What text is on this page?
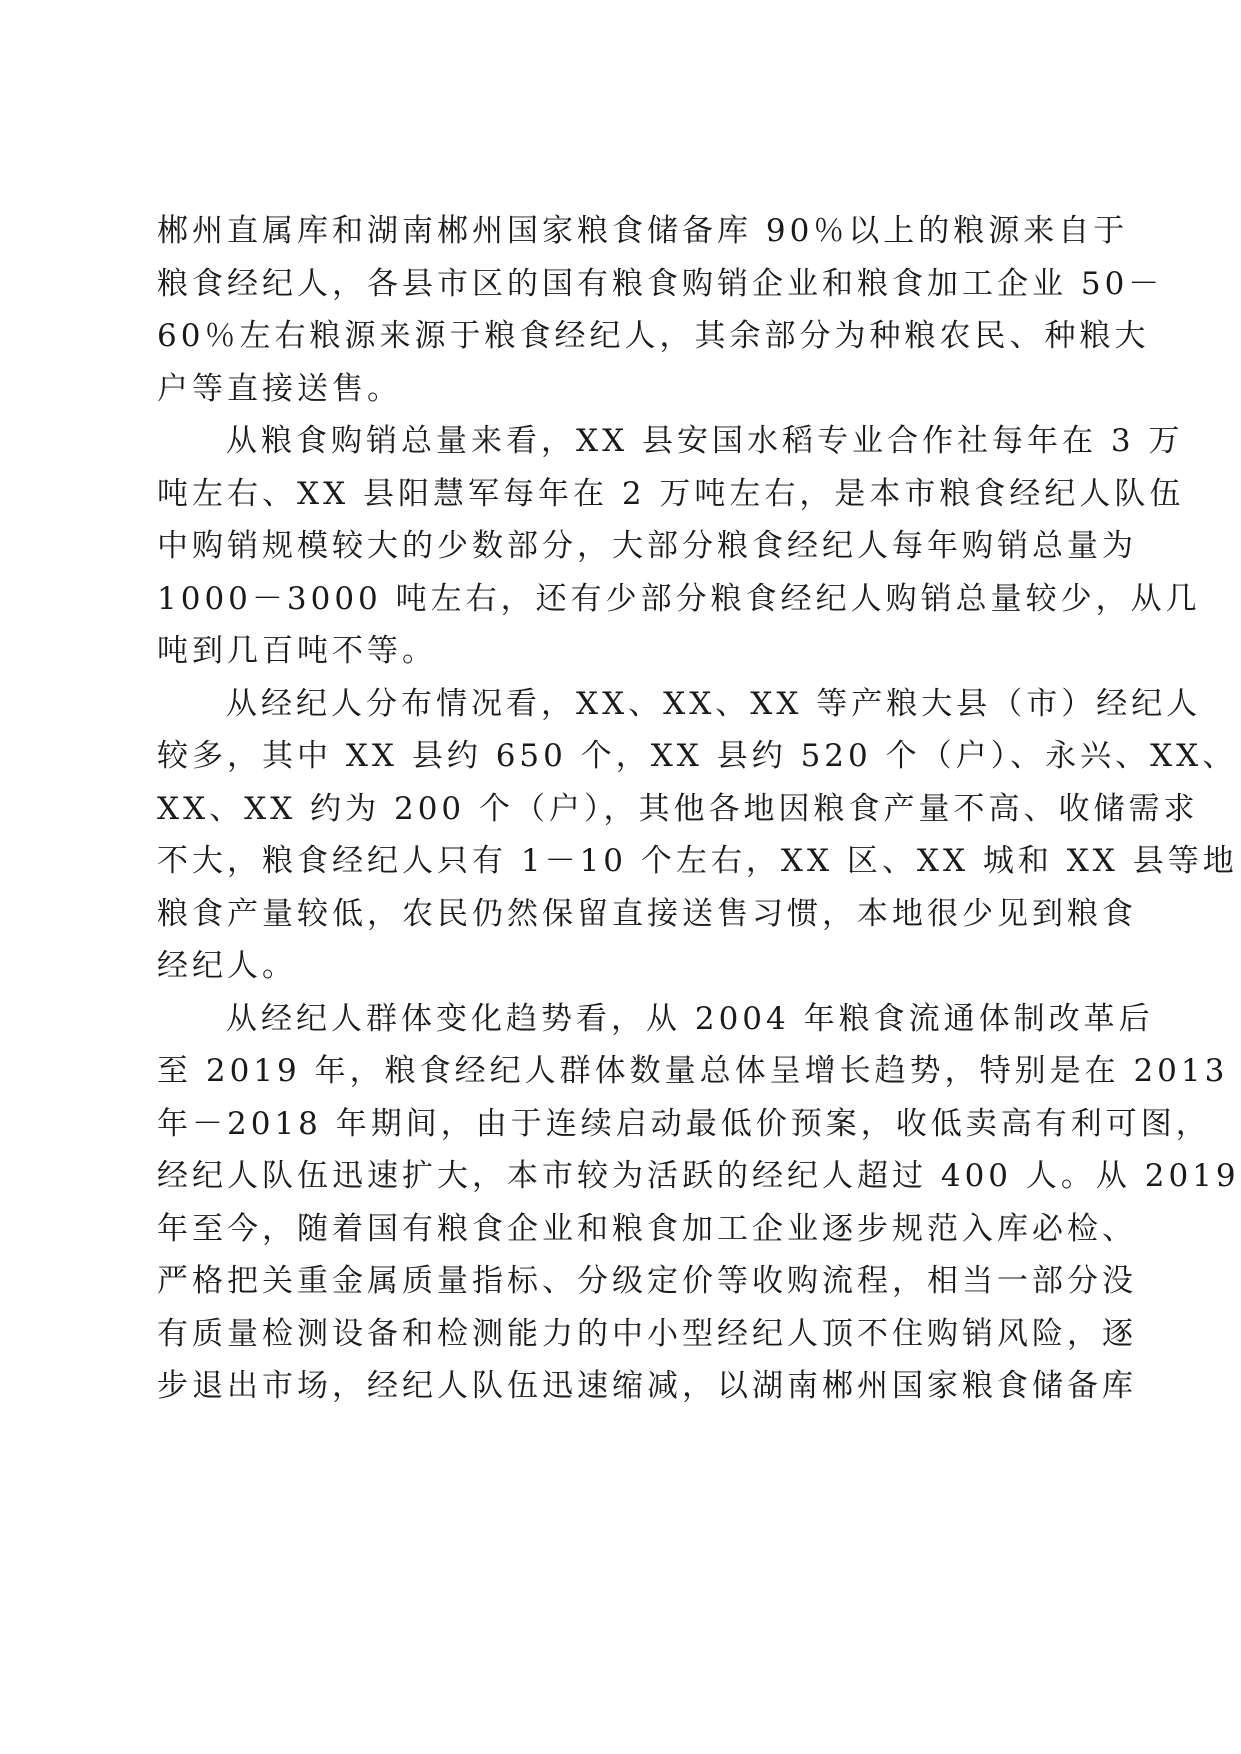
郴州直属库和湖南郴州国家粮食储备库 90％以上的粮源来自于
粮食经纪人，各县市区的国有粮食购销企业和粮食加工企业 50－
60％左右粮源来源于粮食经纪人，其余部分为种粮农民、种粮大
户等直接送售。
从粮食购销总量来看，XX 县安国水稻专业合作社每年在 3 万
吨左右、XX 县阳慧军每年在 2 万吨左右，是本市粮食经纪人队伍
中购销规模较大的少数部分，大部分粮食经纪人每年购销总量为
1000－3000 吨左右，还有少部分粮食经纪人购销总量较少，从几
吨到几百吨不等。
从经纪人分布情况看，XX、XX、XX 等产粮大县（市）经纪人
较多，其中 XX 县约 650 个，XX 县约 520 个（户）、永兴、XX、
XX、XX 约为 200 个（户），其他各地因粮食产量不高、收储需求
不大，粮食经纪人只有 1－10 个左右，XX 区、XX 城和 XX 县等地
粮食产量较低，农民仍然保留直接送售习惯，本地很少见到粮食
经纪人。
从经纪人群体变化趋势看，从 2004 年粮食流通体制改革后
至 2019 年，粮食经纪人群体数量总体呈增长趋势，特别是在 2013
年－2018 年期间，由于连续启动最低价预案，收低卖高有利可图，
经纪人队伍迅速扩大，本市较为活跃的经纪人超过 400 人。从 2019
年至今，随着国有粮食企业和粮食加工企业逐步规范入库必检、
严格把关重金属质量指标、分级定价等收购流程，相当一部分没
有质量检测设备和检测能力的中小型经纪人顶不住购销风险，逐
步退出市场，经纪人队伍迅速缩减，以湖南郴州国家粮食储备库
